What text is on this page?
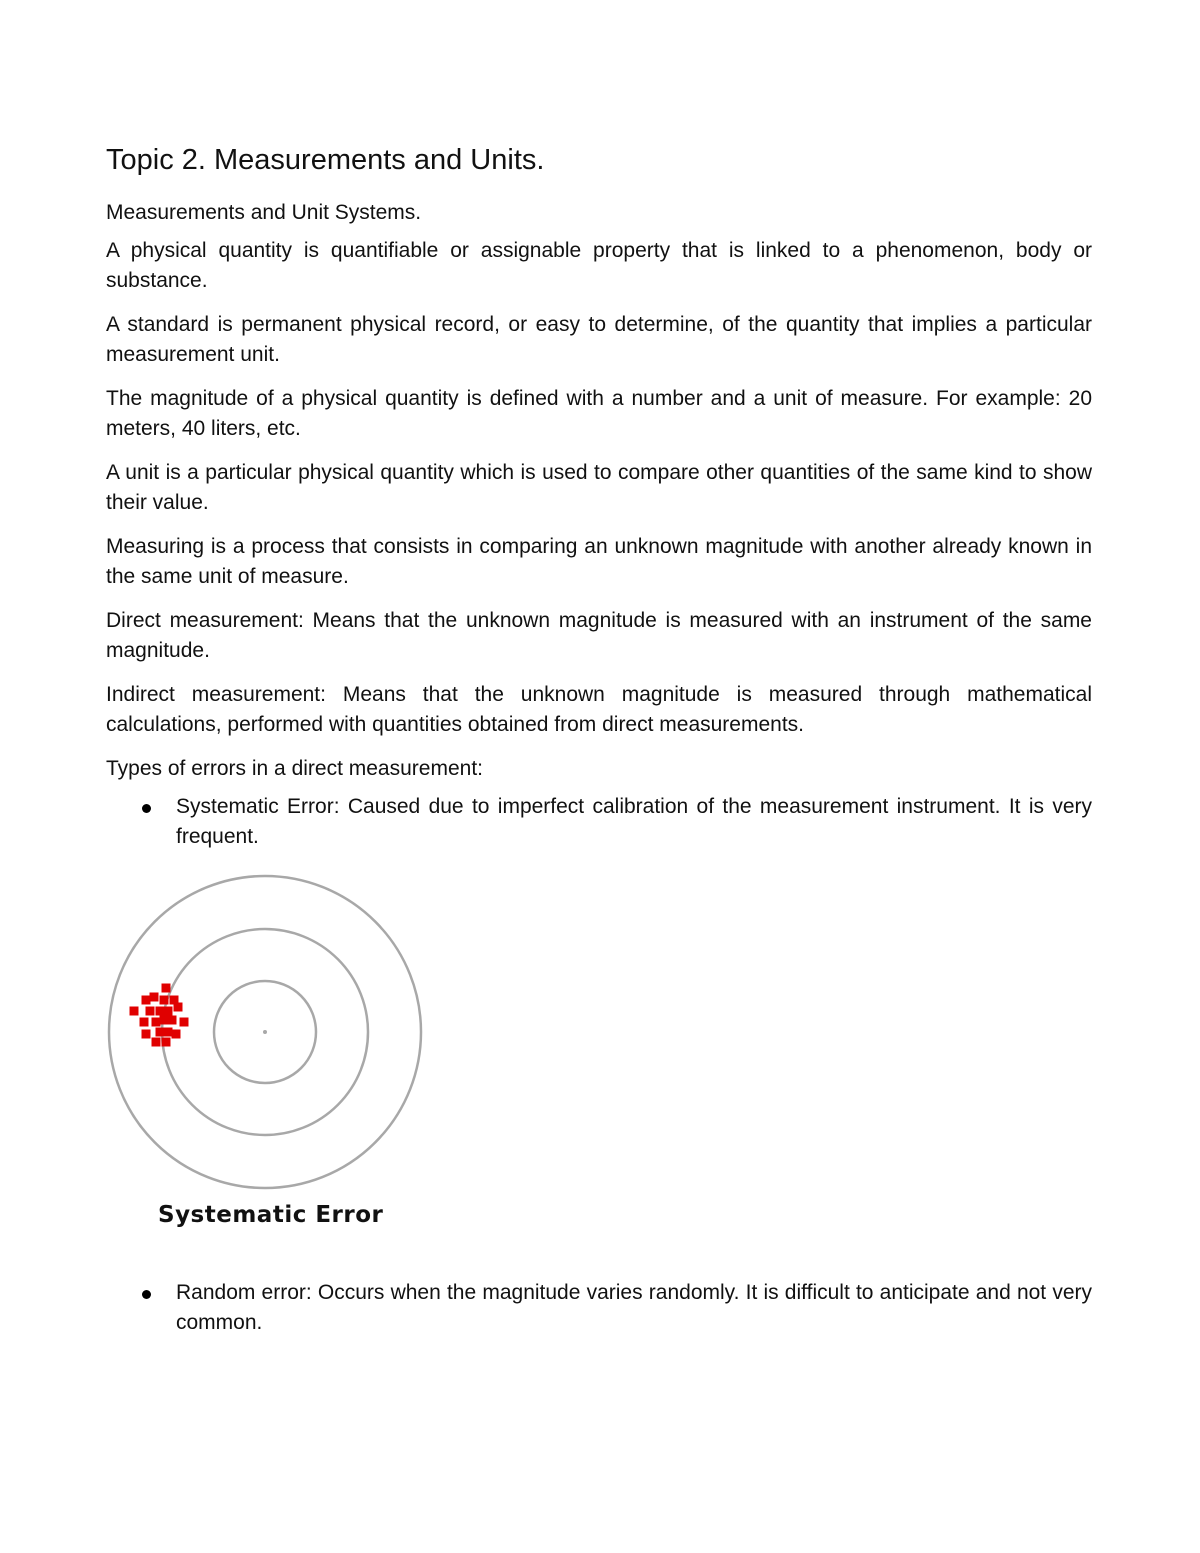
Topic 2. Measurements and Units.

Measurements and Unit Systems.

A physical quantity is quantifiable or assignable property that is linked to a phenomenon, body or substance.

A standard is permanent physical record, or easy to determine, of the quantity that implies a particular measurement unit.

The magnitude of a physical quantity is defined with a number and a unit of measure. For example: 20 meters, 40 liters, etc.

A unit is a particular physical quantity which is used to compare other quantities of the same kind to show their value.

Measuring is a process that consists in comparing an unknown magnitude with another already known in the same unit of measure.

Direct measurement: Means that the unknown magnitude is measured with an instrument of the same magnitude.

Indirect measurement: Means that the unknown magnitude is measured through mathematical calculations, performed with quantities obtained from direct measurements.

Types of errors in a direct measurement:

Systematic Error: Caused due to imperfect calibration of the measurement instrument. It is very frequent.
Systematic Error
Random error: Occurs when the magnitude varies randomly. It is difficult to anticipate and not very common.
